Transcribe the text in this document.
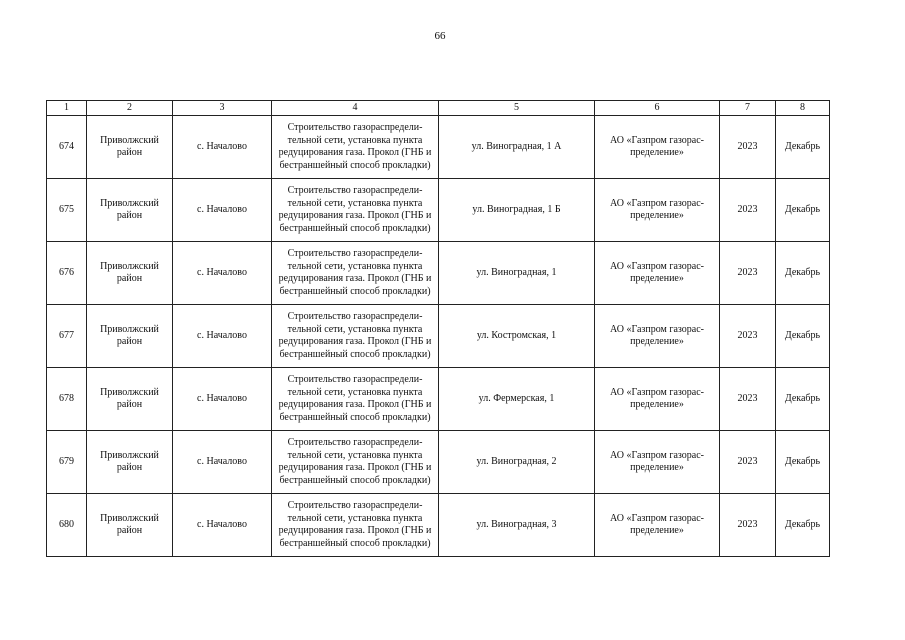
66
1	2	3	4	5	6	7	8
674	Приволжский район	с. Началово	Строительство газораспредели-тельной сети, установка пункта редуцирования газа. Прокол (ГНБ и бестраншейный способ прокладки)	ул. Виноградная, 1 А	АО «Газпром газорас-пределение»	2023	Декабрь
675	Приволжский район	с. Началово	Строительство газораспредели-тельной сети, установка пункта редуцирования газа. Прокол (ГНБ и бестраншейный способ прокладки)	ул. Виноградная, 1 Б	АО «Газпром газорас-пределение»	2023	Декабрь
676	Приволжский район	с. Началово	Строительство газораспредели-тельной сети, установка пункта редуцирования газа. Прокол (ГНБ и бестраншейный способ прокладки)	ул. Виноградная, 1	АО «Газпром газорас-пределение»	2023	Декабрь
677	Приволжский район	с. Началово	Строительство газораспредели-тельной сети, установка пункта редуцирования газа. Прокол (ГНБ и бестраншейный способ прокладки)	ул. Костромская, 1	АО «Газпром газорас-пределение»	2023	Декабрь
678	Приволжский район	с. Началово	Строительство газораспредели-тельной сети, установка пункта редуцирования газа. Прокол (ГНБ и бестраншейный способ прокладки)	ул. Фермерская, 1	АО «Газпром газорас-пределение»	2023	Декабрь
679	Приволжский район	с. Началово	Строительство газораспредели-тельной сети, установка пункта редуцирования газа. Прокол (ГНБ и бестраншейный способ прокладки)	ул. Виноградная, 2	АО «Газпром газорас-пределение»	2023	Декабрь
680	Приволжский район	с. Началово	Строительство газораспредели-тельной сети, установка пункта редуцирования газа. Прокол (ГНБ и бестраншейный способ прокладки)	ул. Виноградная, 3	АО «Газпром газорас-пределение»	2023	Декабрь
